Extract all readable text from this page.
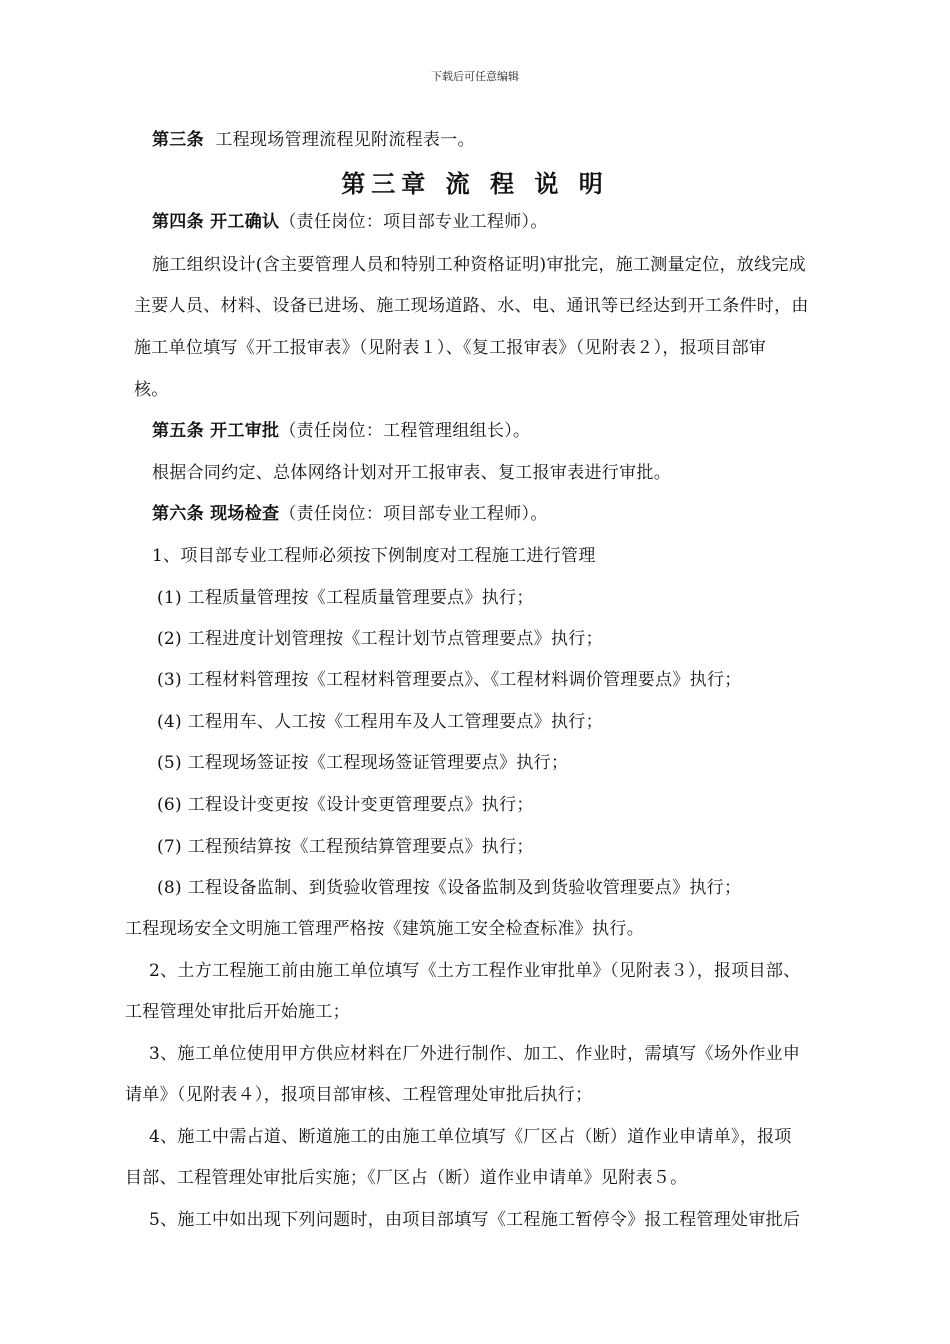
下载后可任意编辑
第三条 工程现场管理流程见附流程表一。
第三章 流 程 说 明
第四条 开工确认（责任岗位：项目部专业工程师）。
施工组织设计(含主要管理人员和特别工种资格证明)审批完，施工测量定位，放线完成
主要人员、材料、设备已进场、施工现场道路、水、电、通讯等已经达到开工条件时，由
施工单位填写《开工报审表》（见附表１）、《复工报审表》（见附表２），报项目部审
核。
第五条 开工审批（责任岗位：工程管理组组长）。
根据合同约定、总体网络计划对开工报审表、复工报审表进行审批。
第六条 现场检查（责任岗位：项目部专业工程师）。
1、项目部专业工程师必须按下例制度对工程施工进行管理
(1) 工程质量管理按《工程质量管理要点》执行；
(2) 工程进度计划管理按《工程计划节点管理要点》执行；
(3) 工程材料管理按《工程材料管理要点》、《工程材料调价管理要点》执行；
(4) 工程用车、人工按《工程用车及人工管理要点》执行；
(5) 工程现场签证按《工程现场签证管理要点》执行；
(6) 工程设计变更按《设计变更管理要点》执行；
(7) 工程预结算按《工程预结算管理要点》执行；
(8) 工程设备监制、到货验收管理按《设备监制及到货验收管理要点》执行；
工程现场安全文明施工管理严格按《建筑施工安全检查标准》执行。
2、土方工程施工前由施工单位填写《土方工程作业审批单》（见附表３），报项目部、
工程管理处审批后开始施工；
3、施工单位使用甲方供应材料在厂外进行制作、加工、作业时，需填写《场外作业申
请单》（见附表４），报项目部审核、工程管理处审批后执行；
4、施工中需占道、断道施工的由施工单位填写《厂区占（断）道作业申请单》，报项
目部、工程管理处审批后实施；《厂区占（断）道作业申请单》见附表５。
5、施工中如出现下列问题时，由项目部填写《工程施工暂停令》报工程管理处审批后
